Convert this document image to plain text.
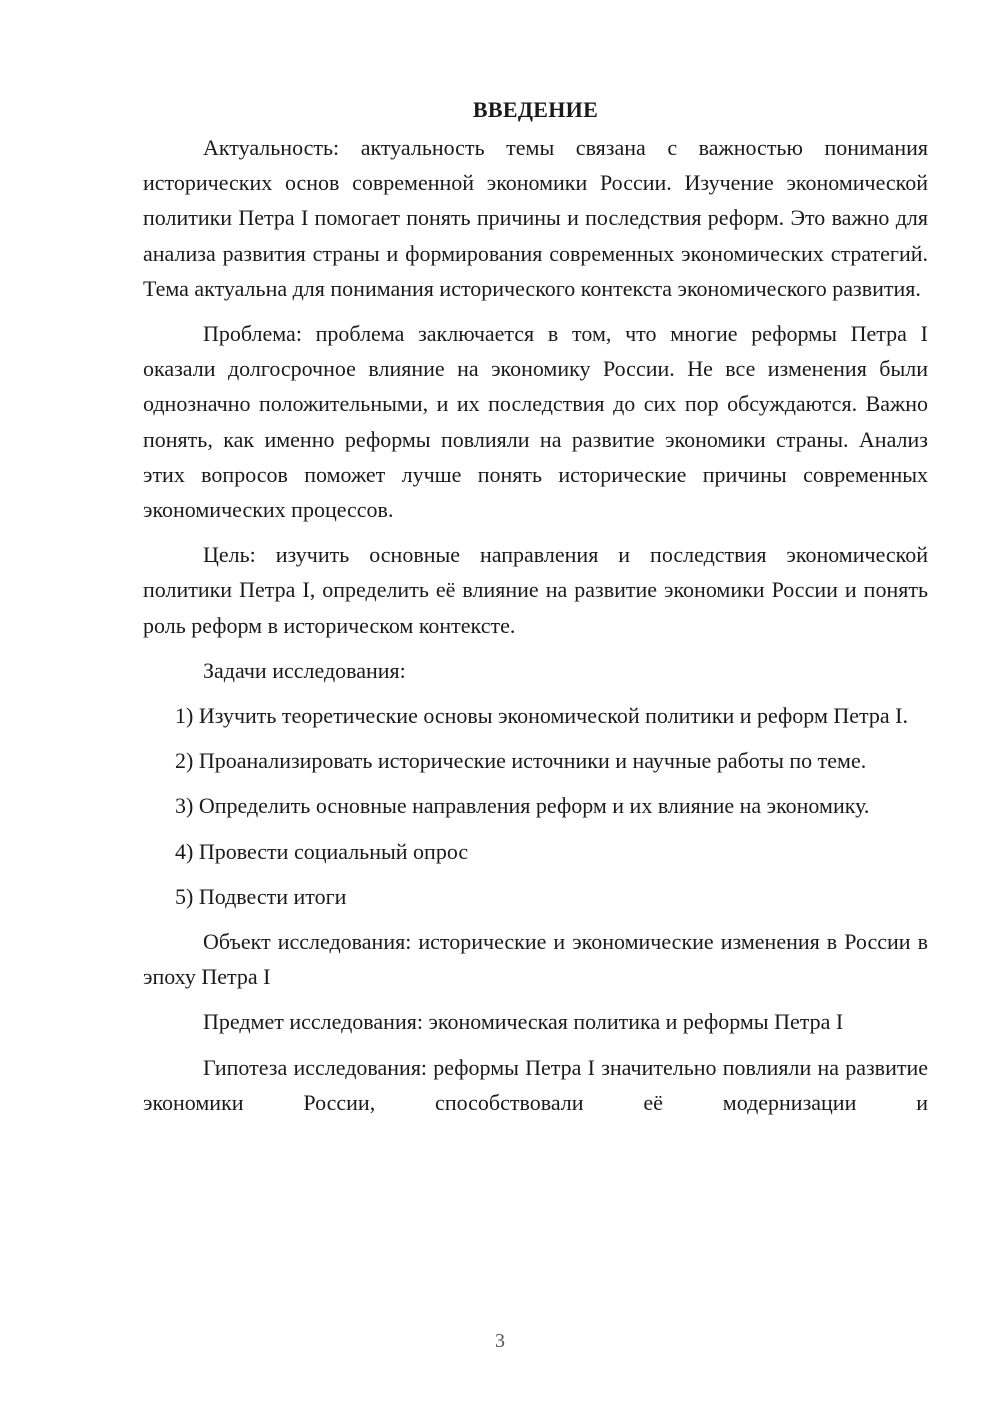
ВВЕДЕНИЕ

Актуальность: актуальность темы связана с важностью понимания исторических основ современной экономики России. Изучение экономической политики Петра I помогает понять причины и последствия реформ. Это важно для анализа развития страны и формирования современных экономических стратегий. Тема актуальна для понимания исторического контекста экономического развития.

Проблема: проблема заключается в том, что многие реформы Петра I оказали долгосрочное влияние на экономику России. Не все изменения были однозначно положительными, и их последствия до сих пор обсуждаются. Важно понять, как именно реформы повлияли на развитие экономики страны. Анализ этих вопросов поможет лучше понять исторические причины современных экономических процессов.

Цель: изучить основные направления и последствия экономической политики Петра I, определить её влияние на развитие экономики России и понять роль реформ в историческом контексте.

Задачи исследования:

1) Изучить теоретические основы экономической политики и реформ Петра I.

2) Проанализировать исторические источники и научные работы по теме.

3) Определить основные направления реформ и их влияние на экономику.

4) Провести социальный опрос

5) Подвести итоги

Объект исследования: исторические и экономические изменения в России в эпоху Петра I

Предмет исследования: экономическая политика и реформы Петра I

Гипотеза исследования: реформы Петра I значительно повлияли на развитие экономики России, способствовали её модернизации и

3
